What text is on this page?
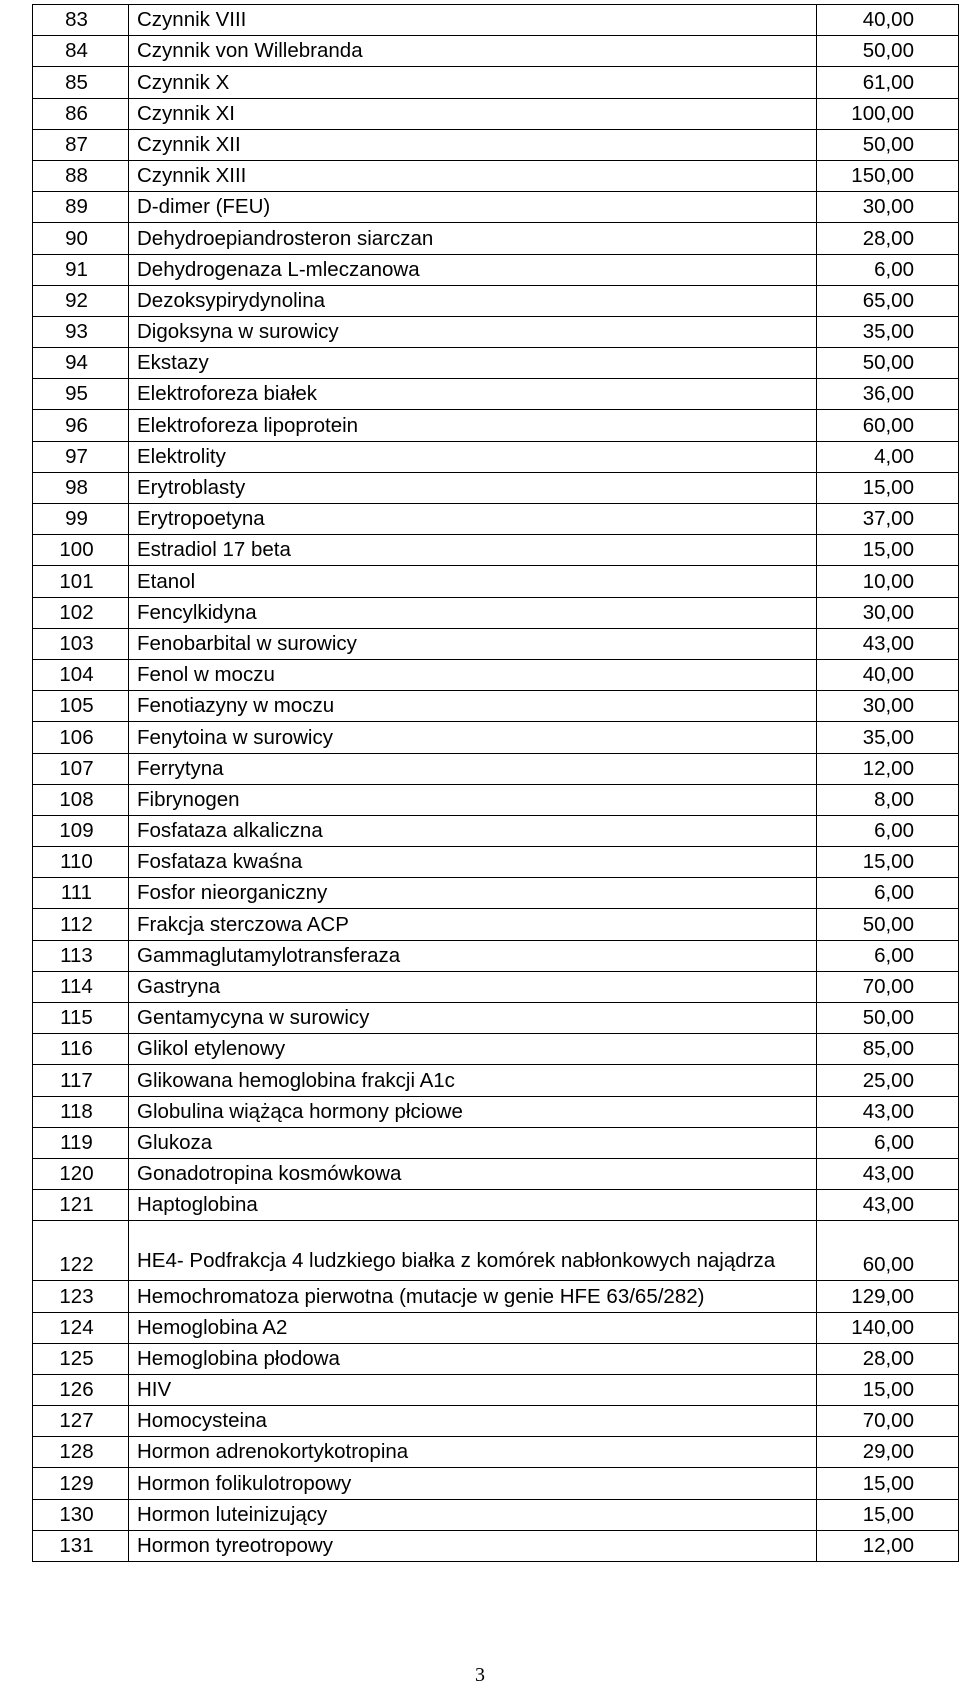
83	Czynnik VIII	40,00
84	Czynnik von Willebranda	50,00
85	Czynnik X	61,00
86	Czynnik XI	100,00
87	Czynnik XII	50,00
88	Czynnik XIII	150,00
89	D-dimer (FEU)	30,00
90	Dehydroepiandrosteron siarczan	28,00
91	Dehydrogenaza L-mleczanowa	6,00
92	Dezoksypirydynolina	65,00
93	Digoksyna w surowicy	35,00
94	Ekstazy	50,00
95	Elektroforeza białek	36,00
96	Elektroforeza lipoprotein	60,00
97	Elektrolity	4,00
98	Erytroblasty	15,00
99	Erytropoetyna	37,00
100	Estradiol 17 beta	15,00
101	Etanol	10,00
102	Fencylkidyna	30,00
103	Fenobarbital w surowicy	43,00
104	Fenol w moczu	40,00
105	Fenotiazyny w moczu	30,00
106	Fenytoina w surowicy	35,00
107	Ferrytyna	12,00
108	Fibrynogen	8,00
109	Fosfataza alkaliczna	6,00
110	Fosfataza kwaśna	15,00
111	Fosfor nieorganiczny	6,00
112	Frakcja sterczowa ACP	50,00
113	Gammaglutamylotransferaza	6,00
114	Gastryna	70,00
115	Gentamycyna w surowicy	50,00
116	Glikol etylenowy	85,00
117	Glikowana hemoglobina frakcji A1c	25,00
118	Globulina wiążąca hormony płciowe	43,00
119	Glukoza	6,00
120	Gonadotropina kosmówkowa	43,00
121	Haptoglobina	43,00
122	HE4- Podfrakcja 4 ludzkiego białka z komórek nabłonkowych najądrza	60,00
123	Hemochromatoza pierwotna (mutacje w genie HFE 63/65/282)	129,00
124	Hemoglobina A2	140,00
125	Hemoglobina płodowa	28,00
126	HIV	15,00
127	Homocysteina	70,00
128	Hormon adrenokortykotropina	29,00
129	Hormon folikulotropowy	15,00
130	Hormon luteinizujący	15,00
131	Hormon tyreotropowy	12,00
3
